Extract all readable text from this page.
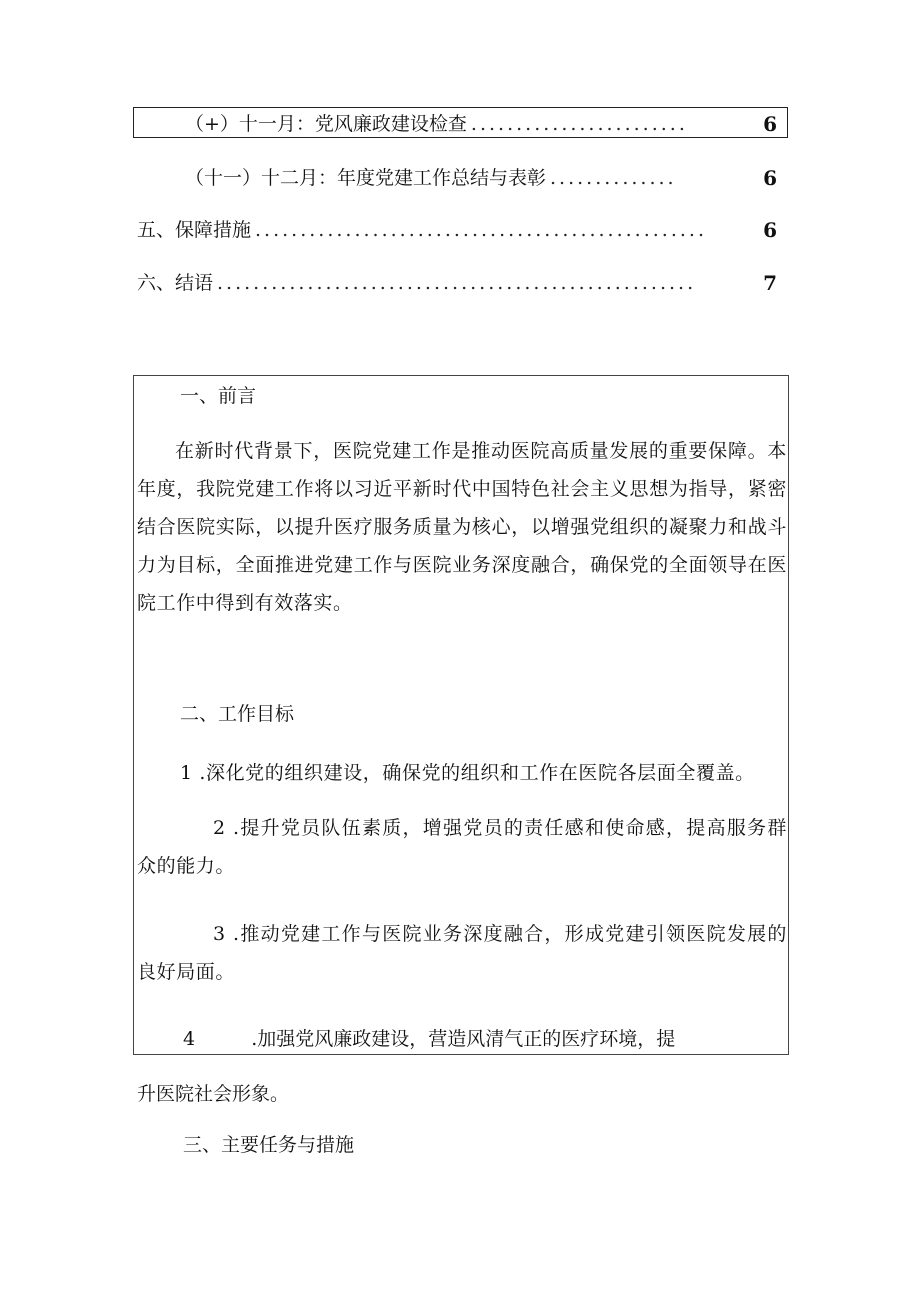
（+）十一月：党风廉政建设检查 ........................	6
（十一）十二月：年度党建工作总结与表彰 ..............	6
五、保障措施 ..................................................	6
六、结语 .....................................................	7
一、前言
在新时代背景下，医院党建工作是推动医院高质量发展的重要保障。本年度，我院党建工作将以习近平新时代中国特色社会主义思想为指导，紧密结合医院实际，以提升医疗服务质量为核心，以增强党组织的凝聚力和战斗力为目标，全面推进党建工作与医院业务深度融合，确保党的全面领导在医院工作中得到有效落实。
二、工作目标
1 .深化党的组织建设，确保党的组织和工作在医院各层面全覆盖。
2 .提升党员队伍素质，增强党员的责任感和使命感，提高服务群众的能力。
3 .推动党建工作与医院业务深度融合，形成党建引领医院发展的良好局面。
4	.加强党风廉政建设，营造风清气正的医疗环境，提
升医院社会形象。
三、主要任务与措施
